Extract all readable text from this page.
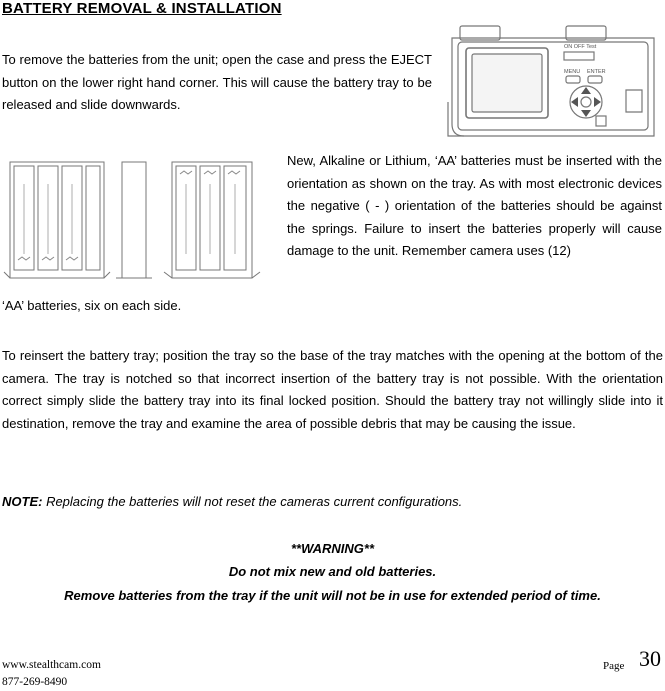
BATTERY REMOVAL & INSTALLATION
To remove the batteries from the unit; open the case and press the EJECT button on the lower right hand corner. This will cause the battery tray to be released and slide downwards.
ON OFF Test
MENU ENTER
New, Alkaline or Lithium, ‘AA’ batteries must be inserted with the orientation as shown on the tray. As with most electronic devices the negative ( - ) orientation of the batteries should be against the springs. Failure to insert the batteries properly will cause damage to the unit. Remember camera uses (12)
‘AA’ batteries, six on each side.
To reinsert the battery tray; position the tray so the base of the tray matches with the opening at the bottom of the camera. The tray is notched so that incorrect insertion of the battery tray is not possible. With the orientation correct simply slide the battery tray into its final locked position. Should the battery tray not willingly slide into it destination, remove the tray and examine the area of possible debris that may be causing the issue.
NOTE: Replacing the batteries will not reset the cameras current configurations.
**WARNING**
Do not mix new and old batteries.
Remove batteries from the tray if the unit will not be in use for extended period of time.
www.stealthcam.com
877-269-8490
Page 30
